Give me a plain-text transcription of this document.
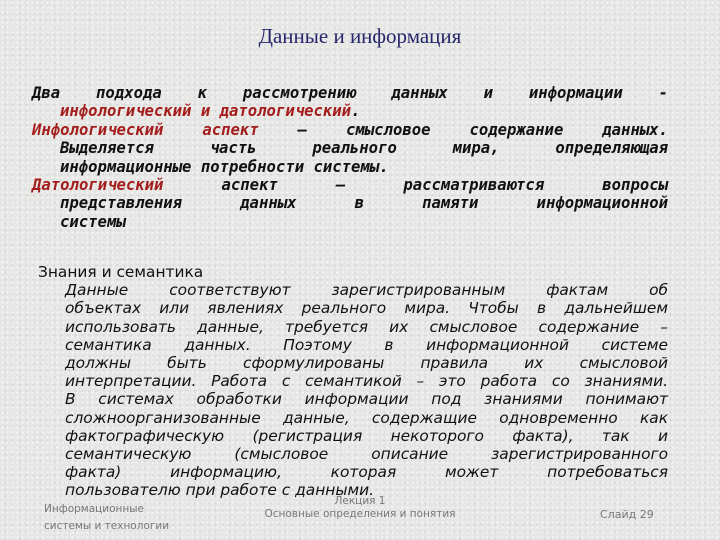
Данные и информация
Два подхода к рассмотрению данных и информации -
инфологический и датологический.
Инфологический аспект – смысловое содержание данных.
Выделяется часть реального мира, определяющая
информационные потребности системы.
Датологический аспект – рассматриваются вопросы
представления данных в памяти информационной
системы
Знания и семантика
Данные соответствуют зарегистрированным фактам об
объектах или явлениях реального мира. Чтобы в дальнейшем
использовать данные, требуется их смысловое содержание –
семантика данных. Поэтому в информационной системе
должны быть сформулированы правила их смысловой
интерпретации. Работа с семантикой – это работа со знаниями.
В системах обработки информации под знаниями понимают
сложноорганизованные данные, содержащие одновременно как
фактографическую (регистрация некоторого факта), так и
семантическую (смысловое описание зарегистрированного
факта) информацию, которая может потребоваться
пользователю при работе с данными.
Информационные
системы и технологии
Лекция 1
Основные определения и понятия	Слайд 29
